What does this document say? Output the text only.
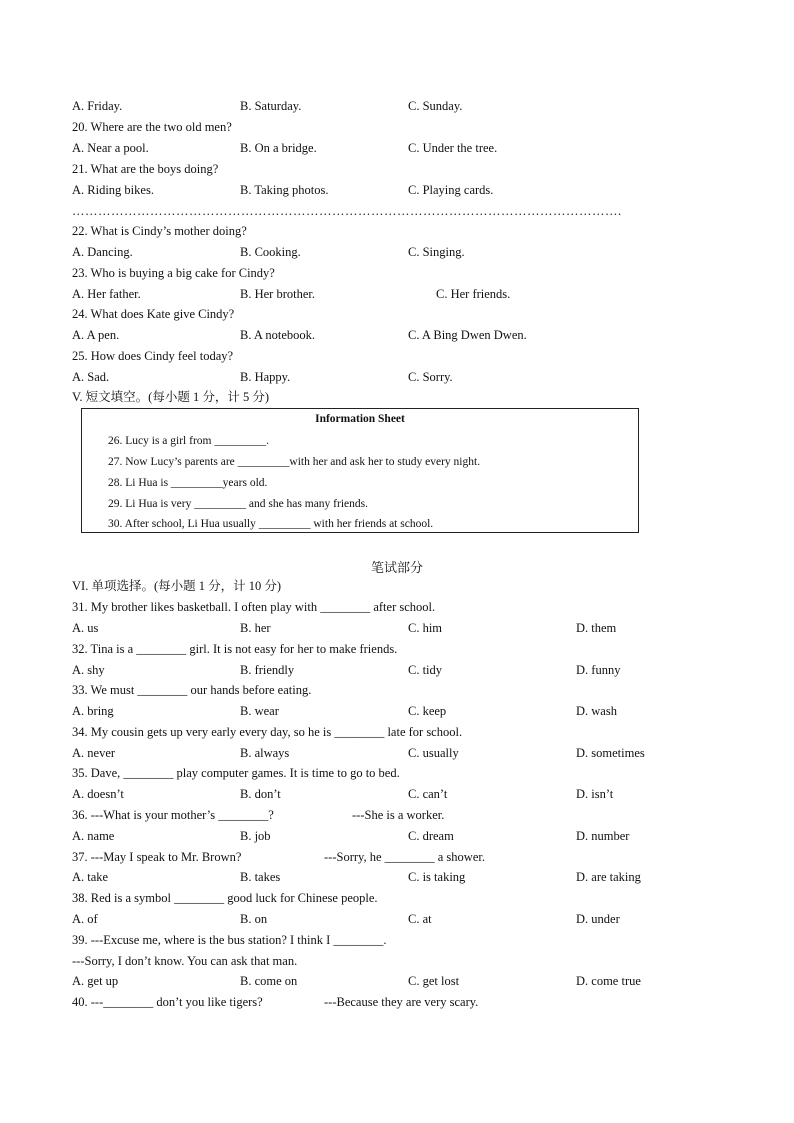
A. Friday.	B. Saturday.	C. Sunday.
20. Where are the two old men?
A. Near a pool.	B. On a bridge.	C. Under the tree.
21. What are the boys doing?
A. Riding bikes.	B. Taking photos.	C. Playing cards.
……………………………………………………………………………………………………………….
22. What is Cindy’s mother doing?
A. Dancing.	B. Cooking.	C. Singing.
23. Who is buying a big cake for Cindy?
A. Her father.	B. Her brother.	C. Her friends.
24. What does Kate give Cindy?
A. A pen.	B. A notebook.	C. A Bing Dwen Dwen.
25. How does Cindy feel today?
A. Sad.	B. Happy.	C. Sorry.
V. 短文填空。(每小题 1 分，计 5 分)
Information Sheet
26. Lucy is a girl from _________.
27. Now Lucy’s parents are _________with her and ask her to study every night.
28. Li Hua is _________years old.
29. Li Hua is very _________ and she has many friends.
30. After school, Li Hua usually _________ with her friends at school.
笔试部分
VI. 单项选择。(每小题 1 分，计 10 分)
31. My brother likes basketball. I often play with ________ after school.
A. us	B. her	C. him	D. them
32. Tina is a ________ girl. It is not easy for her to make friends.
A. shy	B. friendly	C. tidy	D. funny
33. We must ________ our hands before eating.
A. bring	B. wear	C. keep	D. wash
34. My cousin gets up very early every day, so he is ________ late for school.
A. never	B. always	C. usually	D. sometimes
35. Dave, ________ play computer games. It is time to go to bed.
A. doesn’t	B. don’t	C. can’t	D. isn’t
36. ---What is your mother’s ________?	---She is a worker.
A. name	B. job	C. dream	D. number
37. ---May I speak to Mr. Brown?	---Sorry, he ________ a shower.
A. take	B. takes	C. is taking	D. are taking
38. Red is a symbol ________ good luck for Chinese people.
A. of	B. on	C. at	D. under
39. ---Excuse me, where is the bus station? I think I ________.
---Sorry, I don’t know. You can ask that man.
A. get up	B. come on	C. get lost	D. come true
40. ---________ don’t you like tigers?	---Because they are very scary.
